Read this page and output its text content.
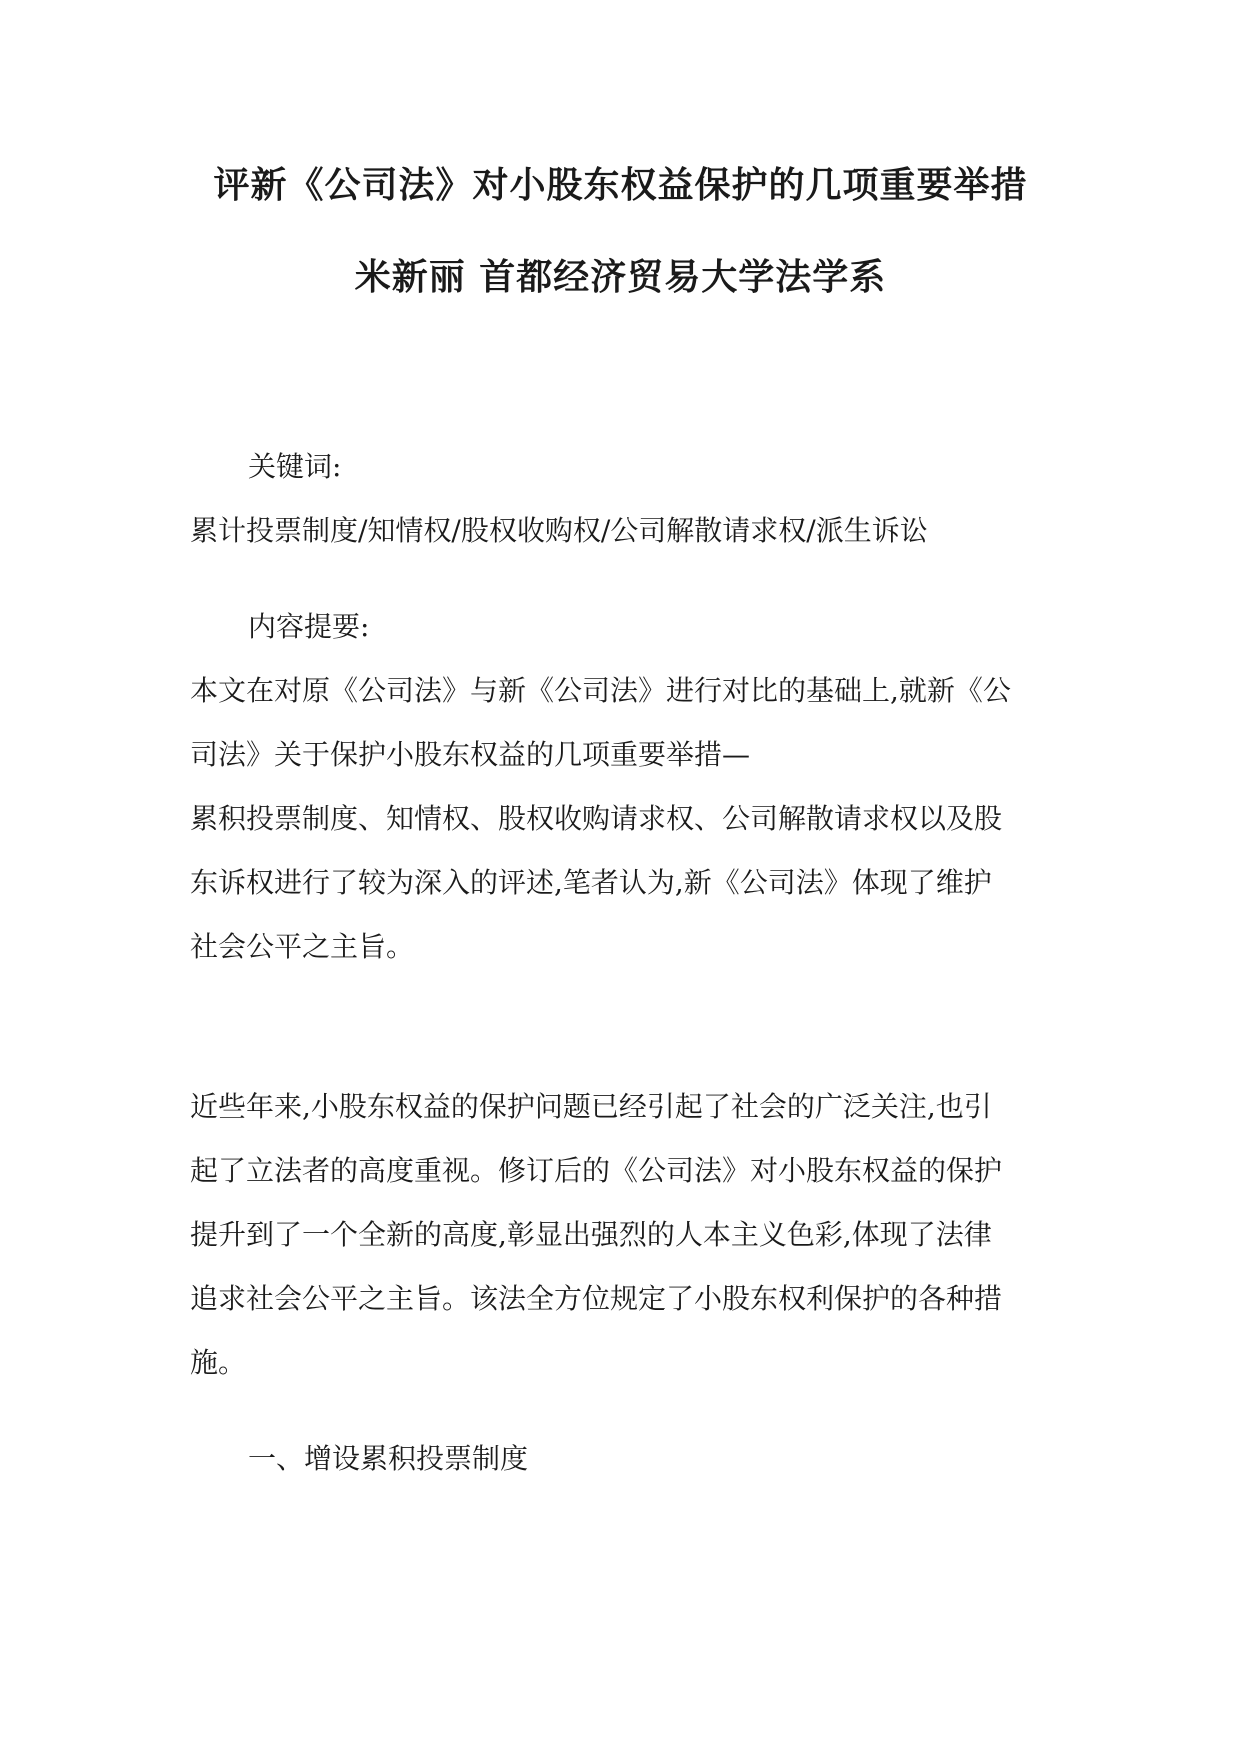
评新《公司法》对小股东权益保护的几项重要举措
米新丽 首都经济贸易大学法学系

关键词:

累计投票制度/知情权/股权收购权/公司解散请求权/派生诉讼

内容提要:

本文在对原《公司法》与新《公司法》进行对比的基础上,就新《公

司法》关于保护小股东权益的几项重要举措—

累积投票制度、知情权、股权收购请求权、公司解散请求权以及股

东诉权进行了较为深入的评述,笔者认为,新《公司法》体现了维护

社会公平之主旨。

近些年来,小股东权益的保护问题已经引起了社会的广泛关注,也引

起了立法者的高度重视。修订后的《公司法》对小股东权益的保护

提升到了一个全新的高度,彰显出强烈的人本主义色彩,体现了法律

追求社会公平之主旨。该法全方位规定了小股东权利保护的各种措

施。

一、增设累积投票制度
